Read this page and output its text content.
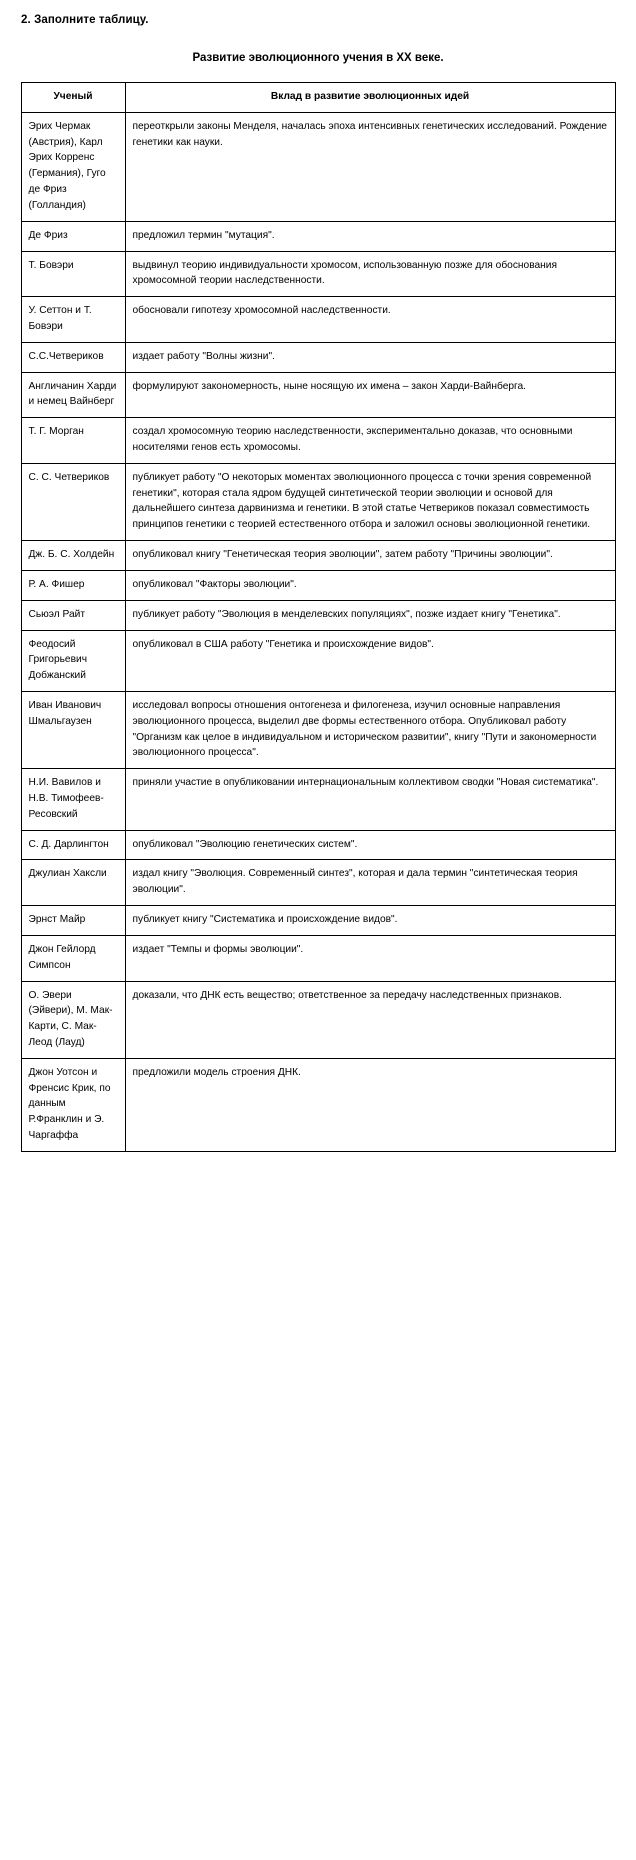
2. Заполните таблицу.
Развитие эволюционного учения в XX веке.
Ученый	Вклад в развитие эволюционных идей
Эрих Чермак (Австрия), Карл Эрих Корренс (Германия), Гуго де Фриз (Голландия)	переоткрыли законы Менделя, началась эпоха интенсивных генетических исследований. Рождение генетики как науки.
Де Фриз	предложил термин "мутация".
Т. Бовэри	выдвинул теорию индивидуальности хромосом, использованную позже для обоснования хромосомной теории наследственности.
У. Сеттон и Т. Бовэри	обосновали гипотезу хромосомной наследственности.
С.С.Четвериков	издает работу "Волны жизни".
Англичанин Харди и немец Вайнберг	формулируют закономерность, ныне носящую их имена – закон Харди-Вайнберга.
Т. Г. Морган	создал хромосомную теорию наследственности, экспериментально доказав, что основными носителями генов есть хромосомы.
С. С. Четвериков	публикует работу "О некоторых моментах эволюционного процесса с точки зрения современной генетики", которая стала ядром будущей синтетической теории эволюции и основой для дальнейшего синтеза дарвинизма и генетики. В этой статье Четвериков показал совместимость принципов генетики с теорией естественного отбора и заложил основы эволюционной генетики.
Дж. Б. С. Холдейн	опубликовал книгу "Генетическая теория эволюции", затем работу "Причины эволюции".
Р. А. Фишер	опубликовал "Факторы эволюции".
Сьюэл Райт	публикует работу "Эволюция в менделевских популяциях", позже издает книгу "Генетика".
Феодосий Григорьевич Добжанский	опубликовал в США работу "Генетика и происхождение видов".
Иван Иванович Шмальгаузен	исследовал вопросы отношения онтогенеза и филогенеза, изучил основные направления эволюционного процесса, выделил две формы естественного отбора. Опубликовал работу "Организм как целое в индивидуальном и историческом развитии", книгу "Пути и закономерности эволюционного процесса".
Н.И. Вавилов и Н.В. Тимофеев-Ресовский	приняли участие в опубликовании интернациональным коллективом сводки "Новая систематика".
С. Д. Дарлингтон	опубликовал "Эволюцию генетических систем".
Джулиан Хаксли	издал книгу "Эволюция. Современный синтез", которая и дала термин "синтетическая теория эволюции".
Эрнст Майр	публикует книгу "Систематика и происхождение видов".
Джон Гейлорд Симпсон	издает "Темпы и формы эволюции".
О. Эвери (Эйвери), М. Мак-Карти, С. Мак-Леод (Лауд)	доказали, что ДНК есть вещество; ответственное за передачу наследственных признаков.
Джон Уотсон и Френсис Крик, по данным Р.Франклин и Э. Чаргаффа	предложили модель строения ДНК.
